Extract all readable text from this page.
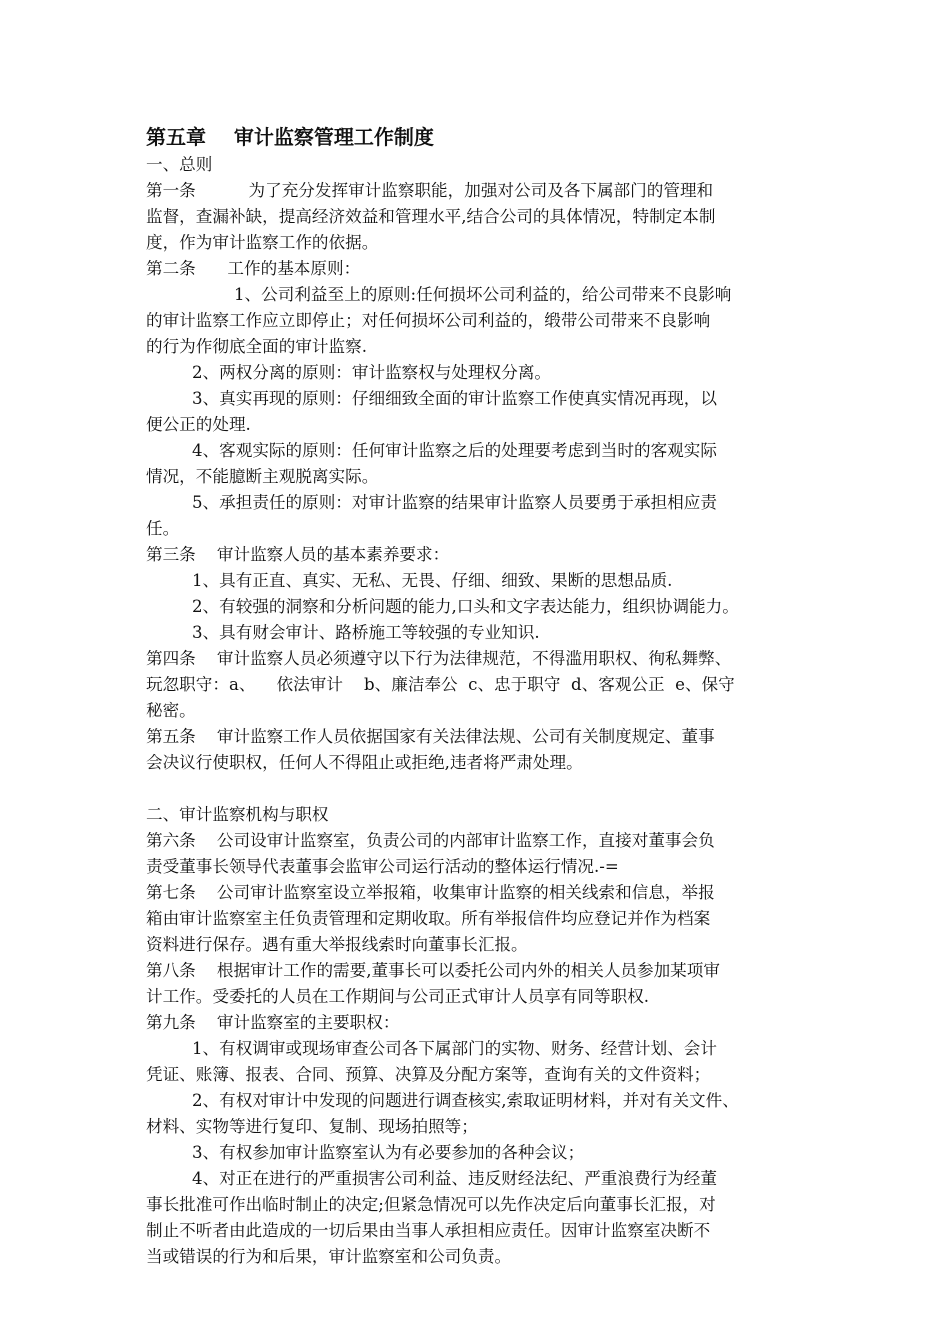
第五章    审计监察管理工作制度
一、总则
第一条          为了充分发挥审计监察职能，加强对公司及各下属部门的管理和
监督，查漏补缺，提高经济效益和管理水平,结合公司的具体情况，特制定本制
度，作为审计监察工作的依据。
第二条      工作的基本原则：
1、公司利益至上的原则:任何损坏公司利益的，给公司带来不良影响
的审计监察工作应立即停止；对任何损坏公司利益的，缎带公司带来不良影响
的行为作彻底全面的审计监察.
2、两权分离的原则：审计监察权与处理权分离。
3、真实再现的原则：仔细细致全面的审计监察工作使真实情况再现，以
便公正的处理.
4、客观实际的原则：任何审计监察之后的处理要考虑到当时的客观实际
情况，不能臆断主观脱离实际。
5、承担责任的原则：对审计监察的结果审计监察人员要勇于承担相应责
任。
第三条    审计监察人员的基本素养要求：
1、具有正直、真实、无私、无畏、仔细、细致、果断的思想品质.
2、有较强的洞察和分析问题的能力,口头和文字表达能力，组织协调能力。
3、具有财会审计、路桥施工等较强的专业知识.
第四条    审计监察人员必须遵守以下行为法律规范，不得滥用职权、徇私舞弊、
玩忽职守：a、    依法审计    b、廉洁奉公  c、忠于职守  d、客观公正  e、保守
秘密。
第五条    审计监察工作人员依据国家有关法律法规、公司有关制度规定、董事
会决议行使职权，任何人不得阻止或拒绝,违者将严肃处理。
二、审计监察机构与职权
第六条    公司设审计监察室，负责公司的内部审计监察工作，直接对董事会负
责受董事长领导代表董事会监审公司运行活动的整体运行情况.-=
第七条    公司审计监察室设立举报箱，收集审计监察的相关线索和信息，举报
箱由审计监察室主任负责管理和定期收取。所有举报信件均应登记并作为档案
资料进行保存。遇有重大举报线索时向董事长汇报。
第八条    根据审计工作的需要,董事长可以委托公司内外的相关人员参加某项审
计工作。受委托的人员在工作期间与公司正式审计人员享有同等职权.
第九条    审计监察室的主要职权：
1、有权调审或现场审查公司各下属部门的实物、财务、经营计划、会计
凭证、账簿、报表、合同、预算、决算及分配方案等，查询有关的文件资料；
2、有权对审计中发现的问题进行调查核实,索取证明材料，并对有关文件、
材料、实物等进行复印、复制、现场拍照等；
3、有权参加审计监察室认为有必要参加的各种会议；
4、对正在进行的严重损害公司利益、违反财经法纪、严重浪费行为经董
事长批准可作出临时制止的决定;但紧急情况可以先作决定后向董事长汇报，对
制止不听者由此造成的一切后果由当事人承担相应责任。因审计监察室决断不
当或错误的行为和后果，审计监察室和公司负责。
